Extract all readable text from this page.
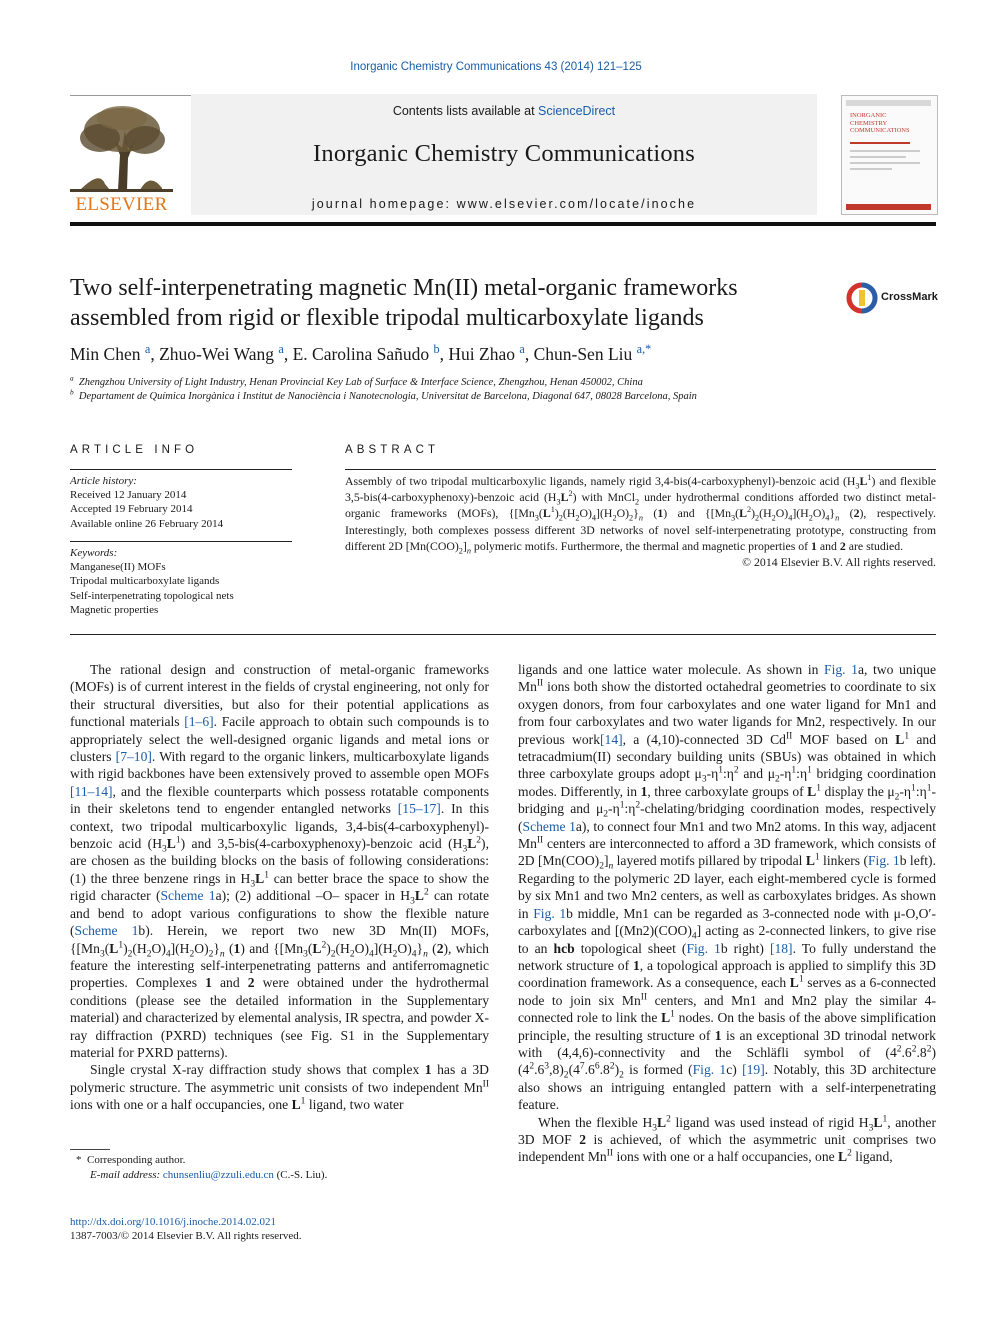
Inorganic Chemistry Communications 43 (2014) 121–125
ELSEVIER
Contents lists available at ScienceDirect
Inorganic Chemistry Communications
journal homepage: www.elsevier.com/locate/inoche
INORGANIC
CHEMISTRY
COMMUNICATIONS
Two self-interpenetrating magnetic Mn(II) metal-organic frameworks
assembled from rigid or flexible tripodal multicarboxylate ligands
CrossMark
Min Chen $^a$, Zhuo-Wei Wang $^a$, E. Carolina Sañudo $^b$, Hui Zhao $^a$, Chun-Sen Liu $^{a,*}$
$^a$ Zhengzhou University of Light Industry, Henan Provincial Key Lab of Surface & Interface Science, Zhengzhou, Henan 450002, China
$^b$ Departament de Química Inorgànica i Institut de Nanociència i Nanotecnologia, Universitat de Barcelona, Diagonal 647, 08028 Barcelona, Spain
ARTICLE INFO
Article history:
Received 12 January 2014
Accepted 19 February 2014
Available online 26 February 2014
Keywords:
Manganese(II) MOFs
Tripodal multicarboxylate ligands
Self-interpenetrating topological nets
Magnetic properties
ABSTRACT
Assembly of two tripodal multicarboxylic ligands, namely rigid 3,4-bis(4-carboxyphenyl)-benzoic acid $(H_3L^1)$ and flexible 3,5-bis(4-carboxyphenoxy)-benzoic acid $(H_3L^2)$ with MnCl$_2$ under hydrothermal conditions afforded two distinct metal-organic frameworks (MOFs), $\{[Mn_3(L^1)_2(H_2O)_4](H_2O)_2\}_n$ (1) and $\{[Mn_3(L^2)_2(H_2O)_4](H_2O)_4\}_n$ (2), respectively. Interestingly, both complexes possess different 3D networks of novel self-interpenetrating prototype, constructing from different 2D $[Mn(COO)_2]_n$ polymeric motifs. Furthermore, the thermal and magnetic properties of 1 and 2 are studied.
© 2014 Elsevier B.V. All rights reserved.

The rational design and construction of metal-organic frameworks (MOFs) is of current interest in the fields of crystal engineering, not only for their structural diversities, but also for their potential applications as functional materials [1–6]. Facile approach to obtain such compounds is to appropriately select the well-designed organic ligands and metal ions or clusters [7–10]. With regard to the organic linkers, multicarboxylate ligands with rigid backbones have been extensively proved to assemble open MOFs [11–14], and the flexible counterparts which possess rotatable components in their skeletons tend to engender entangled networks [15–17]. In this context, two tripodal multicarboxylic ligands, 3,4-bis(4-carboxyphenyl)-benzoic acid $(H_3L^1)$ and 3,5-bis(4-carboxyphenoxy)-benzoic acid $(H_3L^2)$, are chosen as the building blocks on the basis of following considerations: (1) the three benzene rings in $H_3L^1$ can better brace the space to show the rigid character (Scheme 1a); (2) additional –O– spacer in $H_3L^2$ can rotate and bend to adopt various configurations to show the flexible nature (Scheme 1b). Herein, we report two new 3D Mn(II) MOFs, $\{[Mn_3(L^1)_2(H_2O)_4](H_2O)_2\}_n$ (1) and $\{[Mn_3(L^2)_2(H_2O)_4](H_2O)_4\}_n$ (2), which feature the interesting self-interpenetrating patterns and antiferromagnetic properties. Complexes 1 and 2 were obtained under the hydrothermal conditions (please see the detailed information in the Supplementary material) and characterized by elemental analysis, IR spectra, and powder X-ray diffraction (PXRD) techniques (see Fig. S1 in the Supplementary material for PXRD patterns).

Single crystal X-ray diffraction study shows that complex 1 has a 3D polymeric structure. The asymmetric unit consists of two independent $Mn^{II}$ ions with one or a half occupancies, one $L^1$ ligand, two water

ligands and one lattice water molecule. As shown in Fig. 1a, two unique $Mn^{II}$ ions both show the distorted octahedral geometries to coordinate to six oxygen donors, from four carboxylates and one water ligand for Mn1 and from four carboxylates and two water ligands for Mn2, respectively. In our previous work[14], a (4,10)-connected 3D $Cd^{II}$ MOF based on $L^1$ and tetracadmium(II) secondary building units (SBUs) was obtained in which three carboxylate groups adopt $\mu_3-\eta^1:\eta^2$ and $\mu_2-\eta^1:\eta^1$ bridging coordination modes. Differently, in 1, three carboxylate groups of $L^1$ display the $\mu_2-\eta^1:\eta^1$-bridging and $\mu_2-\eta^1:\eta^2-chelating$/bridging coordination modes, respectively (Scheme 1a), to connect four Mn1 and two Mn2 atoms. In this way, adjacent $Mn^{II}$ centers are interconnected to afford a 3D framework, which consists of 2D $[Mn(COO)_2]_n$ layered motifs pillared by tripodal $L^1$ linkers (Fig. 1b left). Regarding to the polymeric 2D layer, each eight-membered cycle is formed by six Mn1 and two Mn2 centers, as well as carboxylates bridges. As shown in Fig. 1b middle, Mn1 can be regarded as 3-connected node with μ-O,O′-carboxylates and $[(Mn2)(COO)_4]$ acting as 2-connected linkers, to give rise to an hcb topological sheet (Fig. 1b right) [18]. To fully understand the network structure of 1, a topological approach is applied to simplify this 3D coordination framework. As a consequence, each $L^1$ serves as a 6-connected node to join six $Mn^{II}$ centers, and Mn1 and Mn2 play the similar 4-connected role to link the $L^1$ nodes. On the basis of the above simplification principle, the resulting structure of 1 is an exceptional 3D trinodal network with (4,4,6)-connectivity and the Schläfli symbol of $(4^2.6^2.8^2)(4^2.6^3,8)_2(4^7.6^6.8^2)_2$ is formed (Fig. 1c) [19]. Notably, this 3D architecture also shows an intriguing entangled pattern with a self-interpenetrating feature.

When the flexible $H_3L^2$ ligand was used instead of rigid $H_3L^1$, another 3D MOF 2 is achieved, of which the asymmetric unit comprises two independent $Mn^{II}$ ions with one or a half occupancies, one $L^2$ ligand,

*  Corresponding author.
E-mail address: chunsenliu@zzuli.edu.cn (C.-S. Liu).
http://dx.doi.org/10.1016/j.inoche.2014.02.021
1387-7003/© 2014 Elsevier B.V. All rights reserved.
